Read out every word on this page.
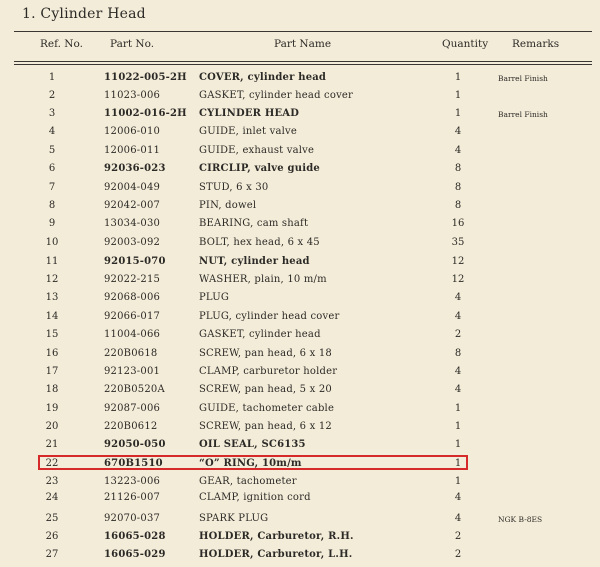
1. Cylinder Head
Ref. No.	Part No.	Part Name	Quantity Remarks
1	11022-005-2H COVER, cylinder head	1	Barrel Finish
2	11023-006	GASKET, cylinder head cover	1
3	11002-016-2H CYLINDER HEAD	1	Barrel Finish
4	12006-010	GUIDE, inlet valve	4
5	12006-011	GUIDE, exhaust valve	4
6	92036-023	CIRCLIP, valve guide	8
7	92004-049	STUD, 6 x 30	8
8	92042-007	PIN, dowel	8
9	13034-030	BEARING, cam shaft	16
10	92003-092	BOLT, hex head, 6 x 45	35
11	92015-070	NUT, cylinder head	12
12	92022-215	WASHER, plain, 10 m/m	12
13	92068-006	PLUG	4
14	92066-017	PLUG, cylinder head cover	4
15	11004-066	GASKET, cylinder head	2
16	220B0618	SCREW, pan head, 6 x 18	8
17	92123-001	CLAMP, carburetor holder	4
18	220B0520A	SCREW, pan head, 5 x 20	4
19	92087-006	GUIDE, tachometer cable	1
20	220B0612	SCREW, pan head, 6 x 12	1
21	92050-050	OIL SEAL, SC6135	1
22	670B1510	“O” RING, 10m/m	1
23	13223-006	GEAR, tachometer	1
24	21126-007	CLAMP, ignition cord	4
25	92070-037	SPARK PLUG	4	NGK B-8ES
26	16065-028	HOLDER, Carburetor, R.H.	2
27	16065-029	HOLDER, Carburetor, L.H.	2
